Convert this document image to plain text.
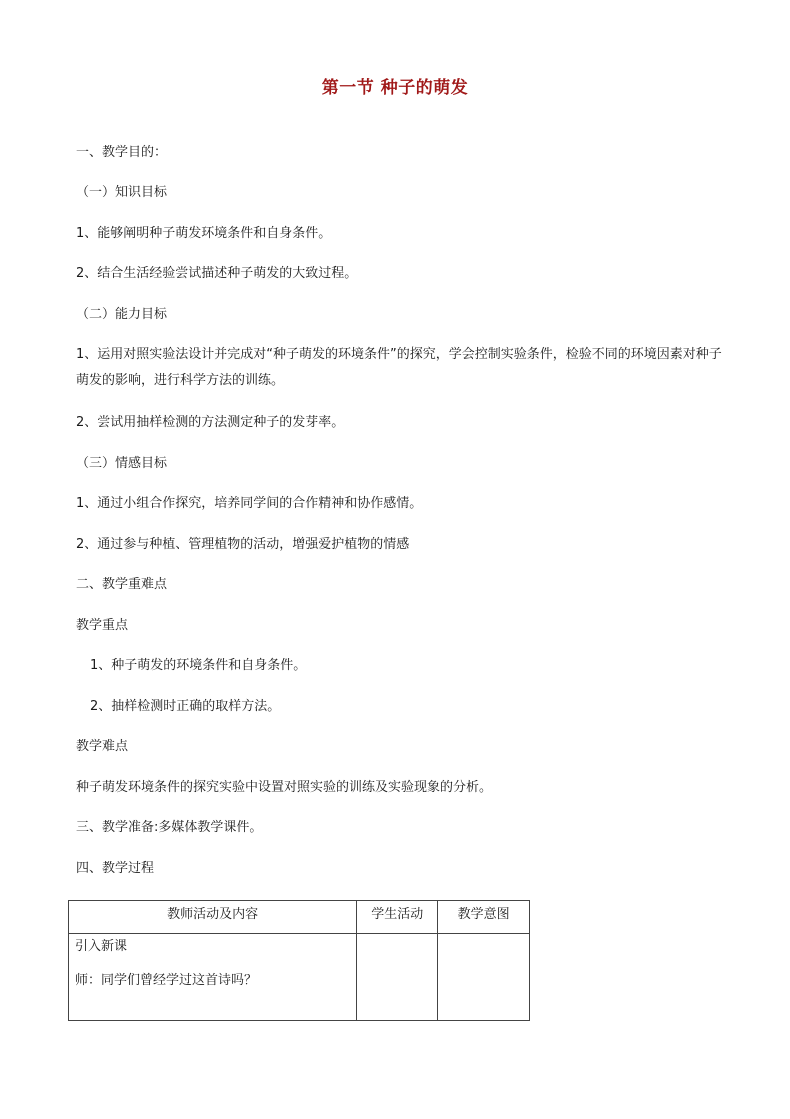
第一节 种子的萌发
一、教学目的：
（一）知识目标
1、能够阐明种子萌发环境条件和自身条件。
2、结合生活经验尝试描述种子萌发的大致过程。
（二）能力目标
1、运用对照实验法设计并完成对“种子萌发的环境条件”的探究，学会控制实验条件，检验不同的环境因素对种子萌发的影响，进行科学方法的训练。
2、尝试用抽样检测的方法测定种子的发芽率。
（三）情感目标
1、通过小组合作探究，培养同学间的合作精神和协作感情。
2、通过参与种植、管理植物的活动，增强爱护植物的情感
二、教学重难点
教学重点
1、种子萌发的环境条件和自身条件。
2、抽样检测时正确的取样方法。
教学难点
种子萌发环境条件的探究实验中设置对照实验的训练及实验现象的分析。
三、教学准备:多媒体教学课件。
四、教学过程
教师活动及内容	学生活动	教学意图

引入新课
师：同学们曾经学过这首诗吗？		
